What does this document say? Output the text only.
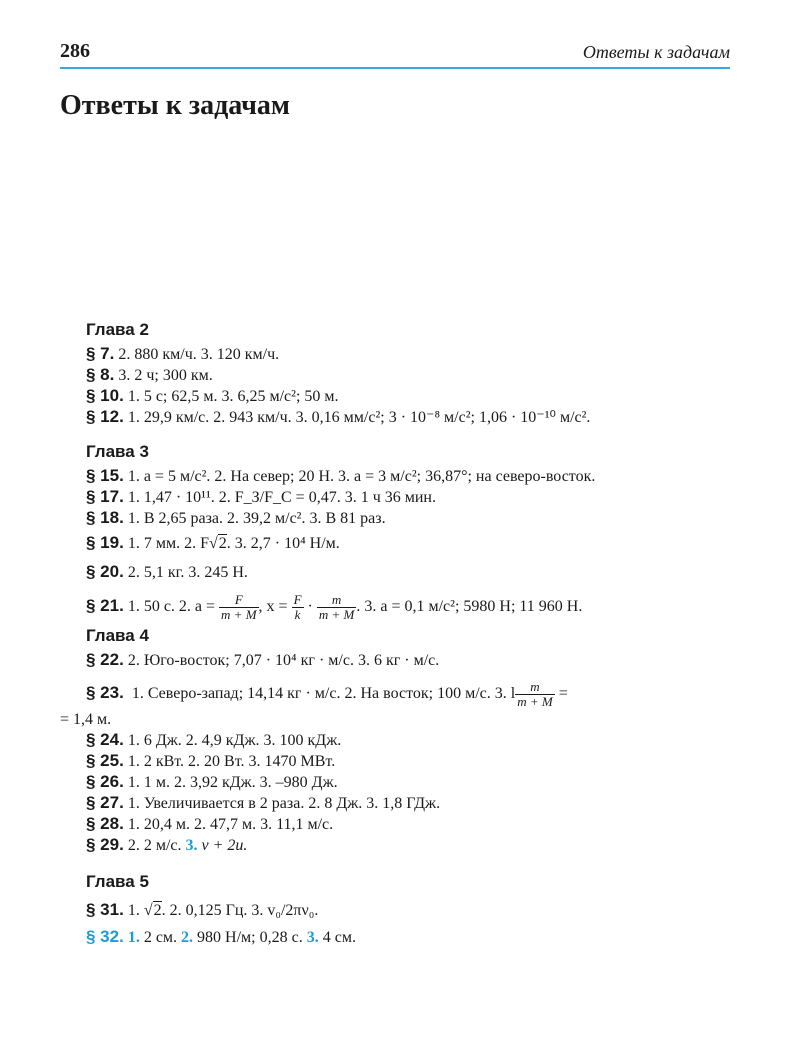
286	Ответы к задачам
Ответы к задачам
Глава 2

§ 7. 2. 880 км/ч. 3. 120 км/ч.

§ 8. 3. 2 ч; 300 км.

§ 10. 1. 5 с; 62,5 м. 3. 6,25 м/с²; 50 м.

§ 12. 1. 29,9 км/с. 2. 943 км/ч. 3. 0,16 мм/с²; 3 · 10⁻⁸ м/с²; 1,06 · 10⁻¹⁰ м/с².

Глава 3

§ 15. 1. a = 5 м/с². 2. На север; 20 Н. 3. a = 3 м/с²; 36,87°; на северо-восток.

§ 17. 1. 1,47 · 10¹¹. 2. F_З/F_С = 0,47. 3. 1 ч 36 мин.

§ 18. 1. В 2,65 раза. 2. 39,2 м/с². 3. В 81 раз.

§ 19. 1. 7 мм. 2. F√2. 3. 2,7 · 10⁴ Н/м.

§ 20. 2. 5,1 кг. 3. 245 Н.

§ 21. 1. 50 с. 2. $a = \frac{F}{m + M}$ , $x = \frac{F}{k} \cdot \frac{m}{m + M}$ . 3. a = 0,1 м/с²; 5980 Н; 11 960 Н.

Глава 4

§ 22. 2. Юго-восток; 7,07 · 10⁴ кг · м/с. 3. 6 кг · м/с.

§ 23. 1. Северо-запад; 14,14 кг · м/с. 2. На восток; 100 м/с. 3. l $\frac{m}{m + M}$ =

= 1,4 м.

§ 24. 1. 6 Дж. 2. 4,9 кДж. 3. 100 кДж.

§ 25. 1. 2 кВт. 2. 20 Вт. 3. 1470 МВт.

§ 26. 1. 1 м. 2. 3,92 кДж. 3. –980 Дж.

§ 27. 1. Увеличивается в 2 раза. 2. 8 Дж. 3. 1,8 ГДж.

§ 28. 1. 20,4 м. 2. 47,7 м. 3. 11,1 м/с.

§ 29. 2. 2 м/с. 3. v + 2u.

Глава 5

§ 31. 1. √2. 2. 0,125 Гц. 3. v₀/2πν₀.

§ 32. 1. 2 см. 2. 980 Н/м; 0,28 с. 3. 4 см.
